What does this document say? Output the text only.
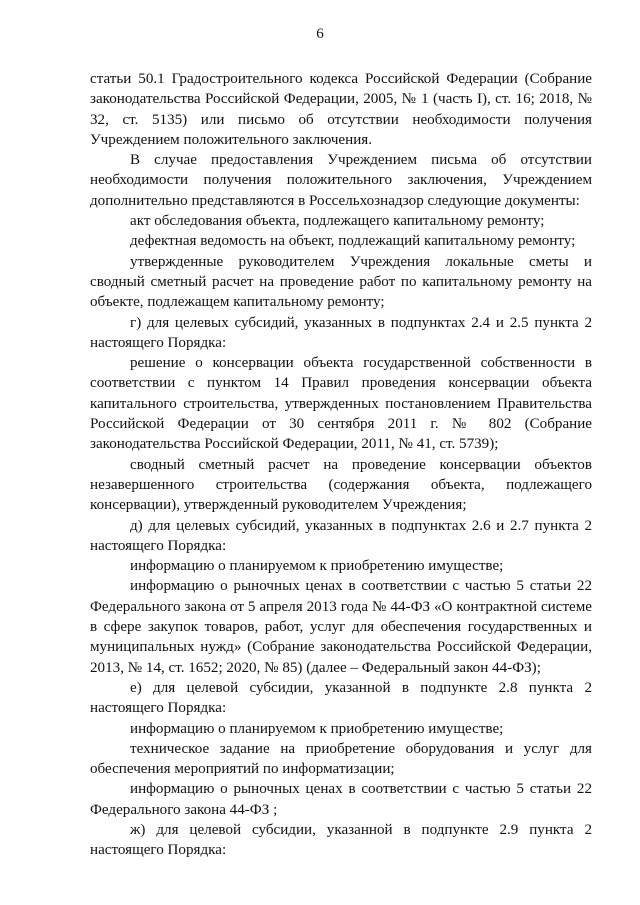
6

статьи 50.1 Градостроительного кодекса Российской Федерации (Собрание законодательства Российской Федерации, 2005, № 1 (часть I), ст. 16; 2018, № 32, ст. 5135) или письмо об отсутствии необходимости получения Учреждением положительного заключения.

В случае предоставления Учреждением письма об отсутствии необходимости получения положительного заключения, Учреждением дополнительно представляются в Россельхознадзор следующие документы:

акт обследования объекта, подлежащего капитальному ремонту;

дефектная ведомость на объект, подлежащий капитальному ремонту;

утвержденные руководителем Учреждения локальные сметы и сводный сметный расчет на проведение работ по капитальному ремонту на объекте, подлежащем капитальному ремонту;

г) для целевых субсидий, указанных в подпунктах 2.4 и 2.5 пункта 2 настоящего Порядка:

решение о консервации объекта государственной собственности в соответствии с пунктом 14 Правил проведения консервации объекта капитального строительства, утвержденных постановлением Правительства Российской Федерации от 30 сентября 2011 г. № 802 (Собрание законодательства Российской Федерации, 2011, № 41, ст. 5739);

сводный сметный расчет на проведение консервации объектов незавершенного строительства (содержания объекта, подлежащего консервации), утвержденный руководителем Учреждения;

д) для целевых субсидий, указанных в подпунктах 2.6 и 2.7 пункта 2 настоящего Порядка:

информацию о планируемом к приобретению имуществе;

информацию о рыночных ценах в соответствии с частью 5 статьи 22 Федерального закона от 5 апреля 2013 года № 44-ФЗ «О контрактной системе в сфере закупок товаров, работ, услуг для обеспечения государственных и муниципальных нужд» (Собрание законодательства Российской Федерации, 2013, № 14, ст. 1652; 2020, № 85) (далее – Федеральный закон 44-ФЗ);

е) для целевой субсидии, указанной в подпункте 2.8 пункта 2 настоящего Порядка:

информацию о планируемом к приобретению имуществе;

техническое задание на приобретение оборудования и услуг для обеспечения мероприятий по информатизации;

информацию о рыночных ценах в соответствии с частью 5 статьи 22 Федерального закона 44-ФЗ ;

ж) для целевой субсидии, указанной в подпункте 2.9 пункта 2 настоящего Порядка:
